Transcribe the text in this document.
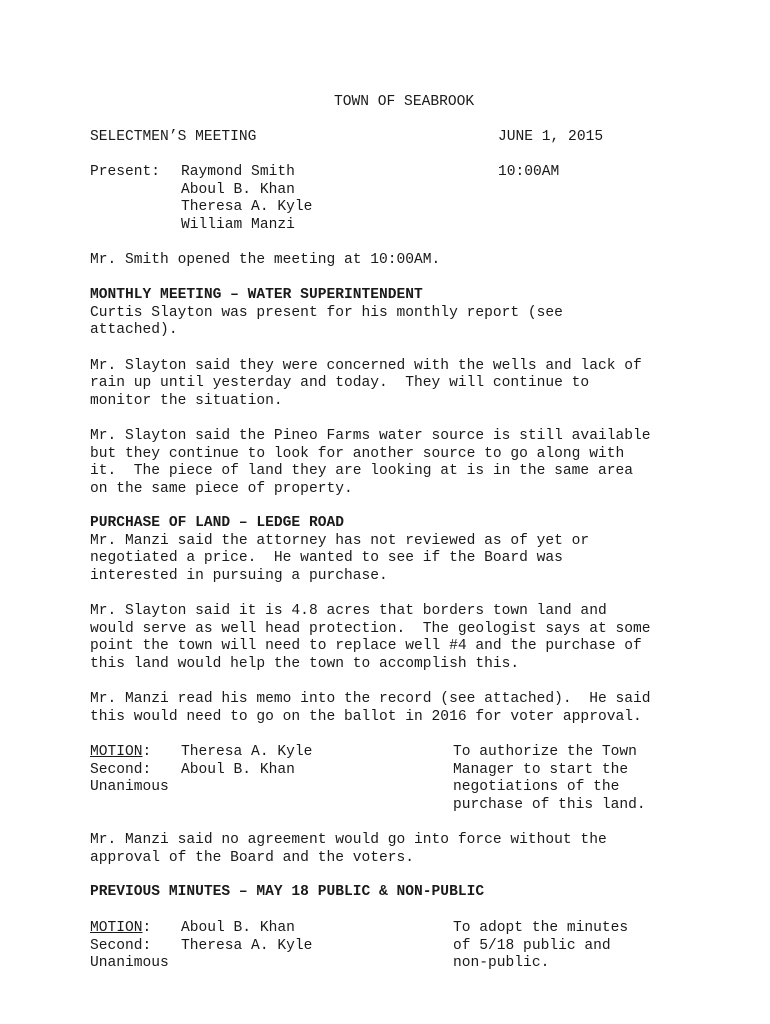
TOWN OF SEABROOK
SELECTMEN’S MEETING	JUNE 1, 2015
Present: Raymond Smith	10:00AM
Aboul B. Khan
Theresa A. Kyle
William Manzi
Mr. Smith opened the meeting at 10:00AM.
MONTHLY MEETING – WATER SUPERINTENDENT
Curtis Slayton was present for his monthly report (see
attached).
Mr. Slayton said they were concerned with the wells and lack of
rain up until yesterday and today.  They will continue to
monitor the situation.
Mr. Slayton said the Pineo Farms water source is still available
but they continue to look for another source to go along with
it.  The piece of land they are looking at is in the same area
on the same piece of property.
PURCHASE OF LAND – LEDGE ROAD
Mr. Manzi said the attorney has not reviewed as of yet or
negotiated a price.  He wanted to see if the Board was
interested in pursuing a purchase.
Mr. Slayton said it is 4.8 acres that borders town land and
would serve as well head protection.  The geologist says at some
point the town will need to replace well #4 and the purchase of
this land would help the town to accomplish this.
Mr. Manzi read his memo into the record (see attached).  He said
this would need to go on the ballot in 2016 for voter approval.
MOTION: Theresa A. Kyle	To authorize the Town
Second: Aboul B. Khan	Manager to start the
Unanimous	negotiations of the
purchase of this land.
Mr. Manzi said no agreement would go into force without the
approval of the Board and the voters.
PREVIOUS MINUTES – MAY 18 PUBLIC & NON-PUBLIC
MOTION: Aboul B. Khan	To adopt the minutes
Second: Theresa A. Kyle	of 5/18 public and
Unanimous	non-public.
